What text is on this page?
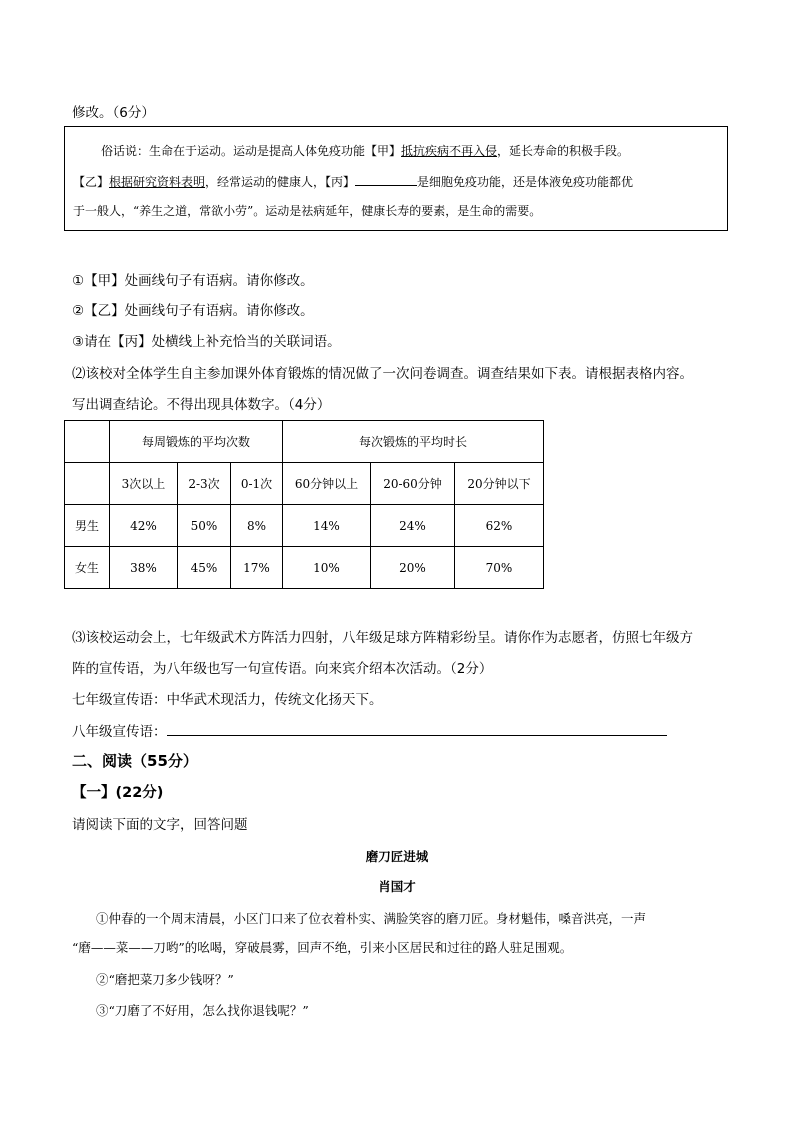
修改。（6分）
俗话说：生命在于运动。运动是提高人体免疫功能【甲】抵抗疾病不再入侵，延长寿命的积极手段。
【乙】根据研究资料表明，经常运动的健康人，【丙】	是细胞免疫功能，还是体液免疫功能都优
于一般人，“养生之道，常欲小劳”。运动是祛病延年，健康长寿的要素，是生命的需要。
①【甲】处画线句子有语病。请你修改。
②【乙】处画线句子有语病。请你修改。
③请在【丙】处横线上补充恰当的关联词语。
⑵该校对全体学生自主参加课外体育锻炼的情况做了一次问卷调查。调查结果如下表。请根据表格内容。
写出调查结论。不得出现具体数字。（4分）
	每周锻炼的平均次数			每次锻炼的平均时长		
	3次以上	2-3次	0-1次	60分钟以上	20-60分钟	20分钟以下
男生	42%	50%	8%	14%	24%	62%
女生	38%	45%	17%	10%	20%	70%
⑶该校运动会上，七年级武术方阵活力四射，八年级足球方阵精彩纷呈。请你作为志愿者，仿照七年级方
阵的宣传语，为八年级也写一句宣传语。向来宾介绍本次活动。（2分）
七年级宣传语：中华武术现活力，传统文化扬天下。
八年级宣传语：
二、阅读（55分）
【一】(22分)
请阅读下面的文字，回答问题
磨刀匠进城
肖国才
①仲春的一个周末清晨，小区门口来了位衣着朴实、满脸笑容的磨刀匠。身材魁伟，嗓音洪亮，一声
“磨——菜——刀哟”的吆喝，穿破晨雾，回声不绝，引来小区居民和过往的路人驻足围观。
②“磨把菜刀多少钱呀？”
③“刀磨了不好用，怎么找你退钱呢？”
